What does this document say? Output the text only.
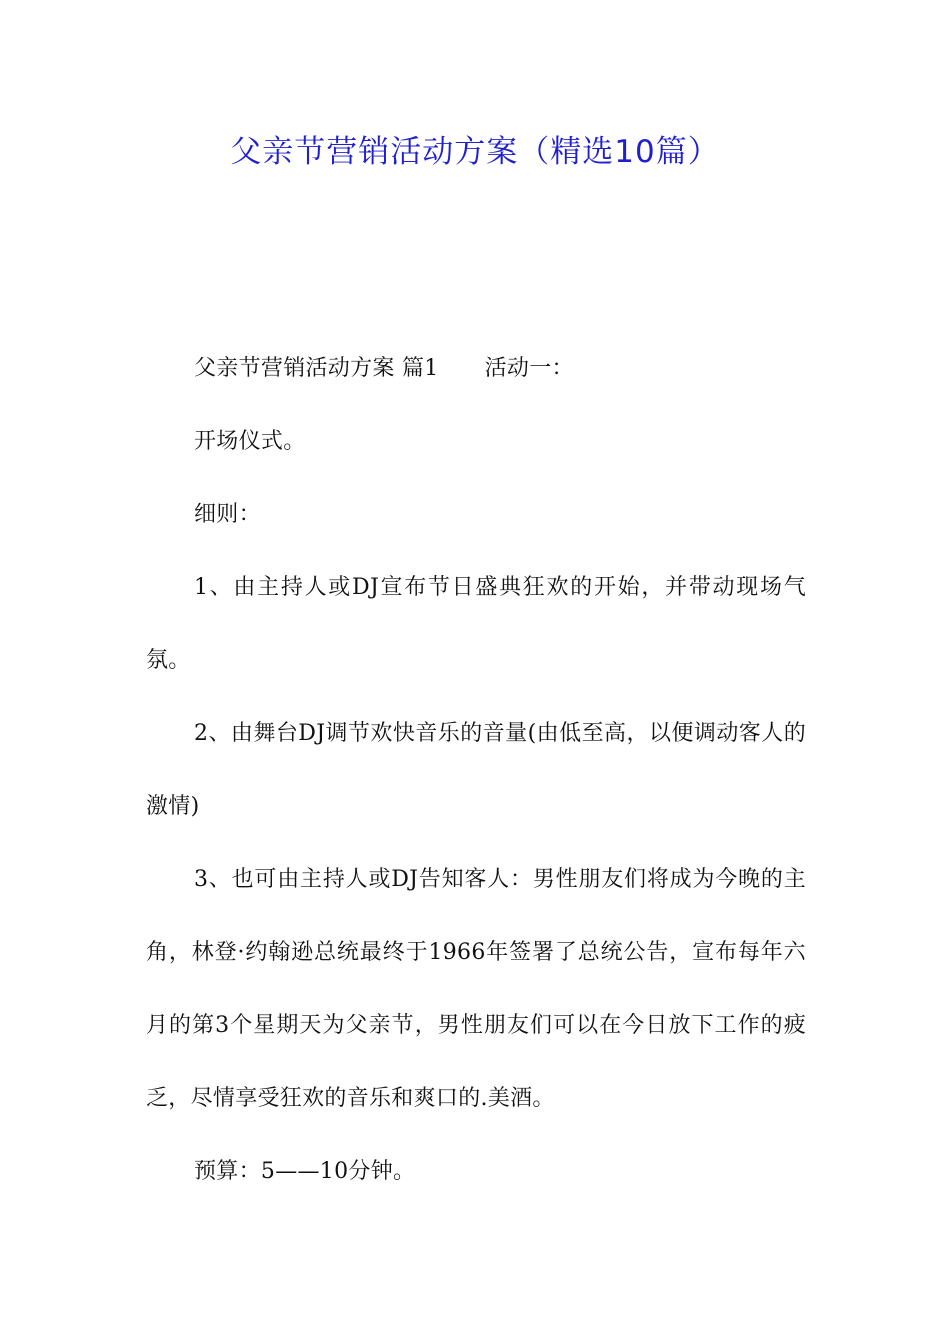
父亲节营销活动方案（精选10篇）

父亲节营销活动方案 篇1 活动一：

开场仪式。

细则：

1、由主持人或DJ宣布节日盛典狂欢的开始，并带动现场气氛。

2、由舞台DJ调节欢快音乐的音量(由低至高，以便调动客人的激情)

3、也可由主持人或DJ告知客人：男性朋友们将成为今晚的主角，林登·约翰逊总统最终于1966年签署了总统公告，宣布每年六月的第3个星期天为父亲节，男性朋友们可以在今日放下工作的疲乏，尽情享受狂欢的音乐和爽口的.美酒。

预算：5——10分钟。
